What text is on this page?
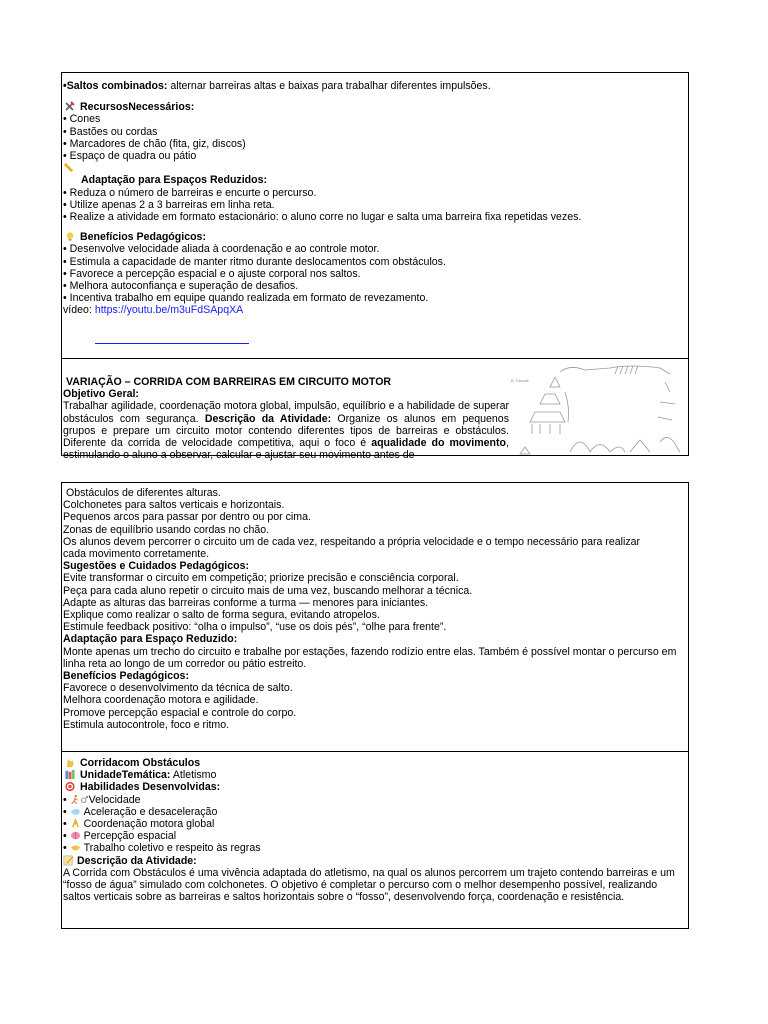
•Saltos combinados: alternar barreiras altas e baixas para trabalhar diferentes impulsões.

RecursosNecessários:

• Cones

• Bastões ou cordas

• Marcadores de chão (fita, giz, discos)

• Espaço de quadra ou pátio

Adaptação para Espaços Reduzidos:

• Reduza o número de barreiras e encurte o percurso.

• Utilize apenas 2 a 3 barreiras em linha reta.

• Realize a atividade em formato estacionário: o aluno corre no lugar e salta uma barreira fixa repetidas vezes.

Benefícios Pedagógicos:

• Desenvolve velocidade aliada à coordenação e ao controle motor.

• Estimula a capacidade de manter ritmo durante deslocamentos com obstáculos.

• Favorece a percepção espacial e o ajuste corporal nos saltos.

• Melhora autoconfiança e superação de desafios.

• Incentiva trabalho em equipe quando realizada em formato de revezamento.

vídeo: https://youtu.be/m3uFdSApqXA

VARIAÇÃO – CORRIDA COM BARREIRAS EM CIRCUITO MOTOR

Objetivo Geral:

Trabalhar agilidade, coordenação motora global, impulsão, equilíbrio e a habilidade de superar obstáculos com segurança. Descrição da Atividade: Organize os alunos em pequenos grupos e prepare um circuito motor contendo diferentes tipos de barreiras e obstáculos. Diferente da corrida de velocidade competitiva, aqui o foco é aqualidade do movimento, estimulando o aluno a observar, calcular e ajustar seu movimento antes de
B. Dhoote

Obstáculos de diferentes alturas.

Colchonetes para saltos verticais e horizontais.

Pequenos arcos para passar por dentro ou por cima.

Zonas de equilíbrio usando cordas no chão.

Os alunos devem percorrer o circuito um de cada vez, respeitando a própria velocidade e o tempo necessário para realizar cada movimento corretamente.

Sugestões e Cuidados Pedagógicos:

Evite transformar o circuito em competição; priorize precisão e consciência corporal.

Peça para cada aluno repetir o circuito mais de uma vez, buscando melhorar a técnica.

Adapte as alturas das barreiras conforme a turma — menores para iniciantes.

Explique como realizar o salto de forma segura, evitando atropelos.

Estimule feedback positivo: “olha o impulso”, “use os dois pés”, “olhe para frente”.

Adaptação para Espaço Reduzido:

Monte apenas um trecho do circuito e trabalhe por estações, fazendo rodízio entre elas. Também é possível montar o percurso em linha reta ao longo de um corredor ou pátio estreito.

Benefícios Pedagógicos:

Favorece o desenvolvimento da técnica de salto.

Melhora coordenação motora e agilidade.

Promove percepção espacial e controle do corpo.

Estimula autocontrole, foco e ritmo.

Corridacom Obstáculos

UnidadeTemática: Atletismo

Habilidades Desenvolvidas:

• Velocidade

• Aceleração e desaceleração

• Coordenação motora global

• Percepção espacial

• Trabalho coletivo e respeito às regras

Descrição da Atividade:

A Corrida com Obstáculos é uma vivência adaptada do atletismo, na qual os alunos percorrem um trajeto contendo barreiras e um “fosso de água” simulado com colchonetes. O objetivo é completar o percurso com o melhor desempenho possível, realizando saltos verticais sobre as barreiras e saltos horizontais sobre o “fosso”, desenvolvendo força, coordenação e resistência.
